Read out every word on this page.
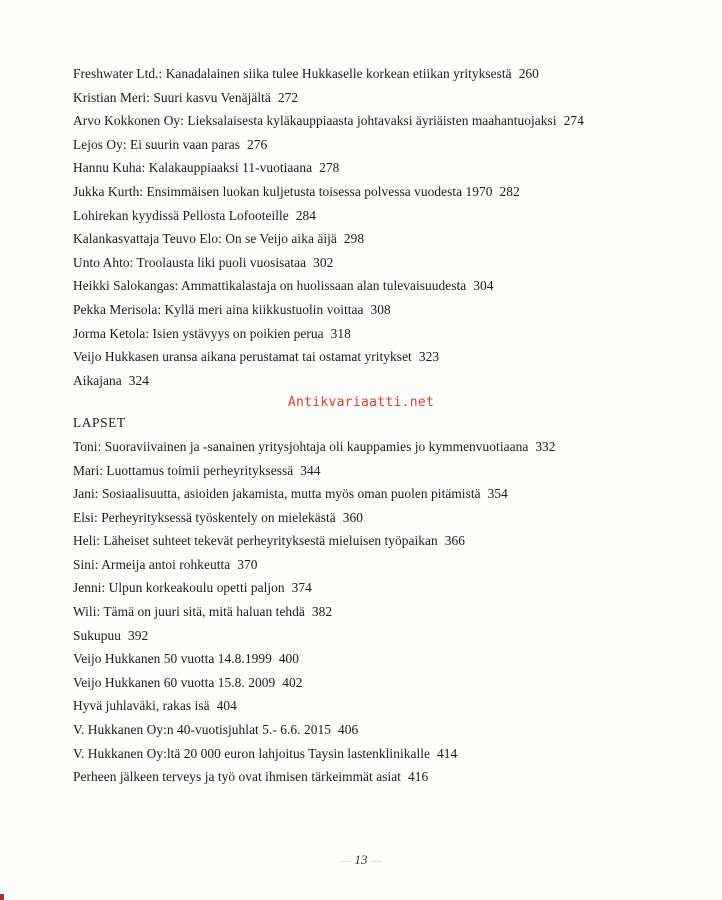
Freshwater Ltd.: Kanadalainen siika tulee Hukkaselle korkean etiikan yrityksestä 260
Kristian Meri: Suuri kasvu Venäjältä 272
Arvo Kokkonen Oy: Lieksalaisesta kyläkauppiaasta johtavaksi äyriäisten maahantuojaksi 274
Lejos Oy: Ei suurin vaan paras 276
Hannu Kuha: Kalakauppiaaksi 11-vuotiaana 278
Jukka Kurth: Ensimmäisen luokan kuljetusta toisessa polvessa vuodesta 1970 282
Lohirekan kyydissä Pellosta Lofooteille 284
Kalankasvattaja Teuvo Elo: On se Veijo aika äijä 298
Unto Ahto: Troolausta liki puoli vuosisataa 302
Heikki Salokangas: Ammattikalastaja on huolissaan alan tulevaisuudesta 304
Pekka Merisola: Kyllä meri aina kiikkustuolin voittaa 308
Jorma Ketola: Isien ystävyys on poikien perua 318
Veijo Hukkasen uransa aikana perustamat tai ostamat yritykset 323
Aikajana 324
LAPSET
Toni: Suoraviivainen ja -sanainen yritysjohtaja oli kauppamies jo kymmenvuotiaana 332
Mari: Luottamus toimii perheyrityksessä 344
Jani: Sosiaalisuutta, asioiden jakamista, mutta myös oman puolen pitämistä 354
Elsi: Perheyrityksessä työskentely on mielekästä 360
Heli: Läheiset suhteet tekevät perheyrityksestä mieluisen työpaikan 366
Sini: Armeija antoi rohkeutta 370
Jenni: Ulpun korkeakoulu opetti paljon 374
Wili: Tämä on juuri sitä, mitä haluan tehdä 382
Sukupuu 392
Veijo Hukkanen 50 vuotta 14.8.1999 400
Veijo Hukkanen 60 vuotta 15.8. 2009 402
Hyvä juhlaväki, rakas isä 404
V. Hukkanen Oy:n 40-vuotisjuhlat 5.- 6.6. 2015 406
V. Hukkanen Oy:ltä 20 000 euron lahjoitus Taysin lastenklinikalle 414
Perheen jälkeen terveys ja työ ovat ihmisen tärkeimmät asiat 416
Antikvariaatti.net
— 13 —
